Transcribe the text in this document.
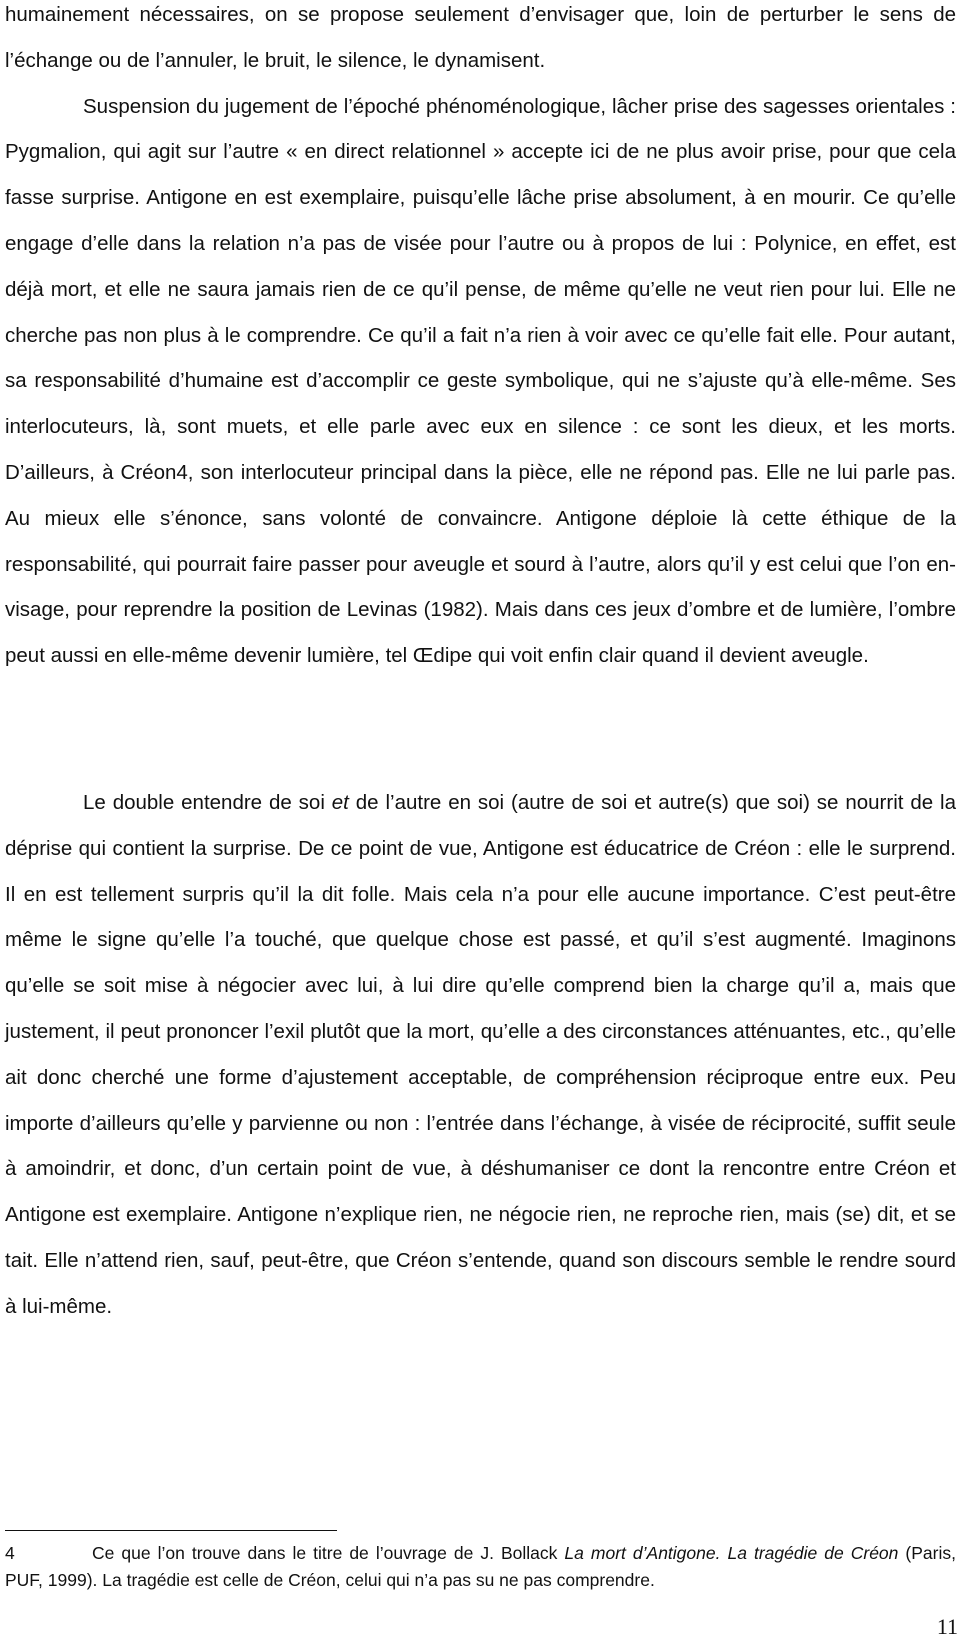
humainement nécessaires, on se propose seulement d’envisager que, loin de perturber le sens de l’échange ou de l’annuler, le bruit, le silence, le dynamisent.

Suspension du jugement de l’époché phénoménologique, lâcher prise des sagesses orientales : Pygmalion, qui agit sur l’autre « en direct relationnel » accepte ici de ne plus avoir prise, pour que cela fasse surprise. Antigone en est exemplaire, puisqu’elle lâche prise absolument, à en mourir. Ce qu’elle engage d’elle dans la relation n’a pas de visée pour l’autre ou à propos de lui : Polynice, en effet, est déjà mort, et elle ne saura jamais rien de ce qu’il pense, de même qu’elle ne veut rien pour lui. Elle ne cherche pas non plus à le comprendre. Ce qu’il a fait n’a rien à voir avec ce qu’elle fait elle. Pour autant, sa responsabilité d’humaine est d’accomplir ce geste symbolique, qui ne s’ajuste qu’à elle-même. Ses interlocuteurs, là, sont muets, et elle parle avec eux en silence : ce sont les dieux, et les morts. D’ailleurs, à Créon4, son interlocuteur principal dans la pièce, elle ne répond pas. Elle ne lui parle pas. Au mieux elle s’énonce, sans volonté de convaincre. Antigone déploie là cette éthique de la responsabilité, qui pourrait faire passer pour aveugle et sourd à l’autre, alors qu’il y est celui que l’on en-visage, pour reprendre la position de Levinas (1982). Mais dans ces jeux d’ombre et de lumière, l’ombre peut aussi en elle-même devenir lumière, tel Œdipe qui voit enfin clair quand il devient aveugle.

Le double entendre de soi et de l’autre en soi (autre de soi et autre(s) que soi) se nourrit de la déprise qui contient la surprise. De ce point de vue, Antigone est éducatrice de Créon : elle le surprend. Il en est tellement surpris qu’il la dit folle. Mais cela n’a pour elle aucune importance. C’est peut-être même le signe qu’elle l’a touché, que quelque chose est passé, et qu’il s’est augmenté. Imaginons qu’elle se soit mise à négocier avec lui, à lui dire qu’elle comprend bien la charge qu’il a, mais que justement, il peut prononcer l’exil plutôt que la mort, qu’elle a des circonstances atténuantes, etc., qu’elle ait donc cherché une forme d’ajustement acceptable, de compréhension réciproque entre eux. Peu importe d’ailleurs qu’elle y parvienne ou non : l’entrée dans l’échange, à visée de réciprocité, suffit seule à amoindrir, et donc, d’un certain point de vue, à déshumaniser ce dont la rencontre entre Créon et Antigone est exemplaire. Antigone n’explique rien, ne négocie rien, ne reproche rien, mais (se) dit, et se tait. Elle n’attend rien, sauf, peut-être, que Créon s’entende, quand son discours semble le rendre sourd à lui-même.

4	Ce que l’on trouve dans le titre de l’ouvrage de J. Bollack La mort d’Antigone. La tragédie de Créon (Paris, PUF, 1999). La tragédie est celle de Créon, celui qui n’a pas su ne pas comprendre.

11
